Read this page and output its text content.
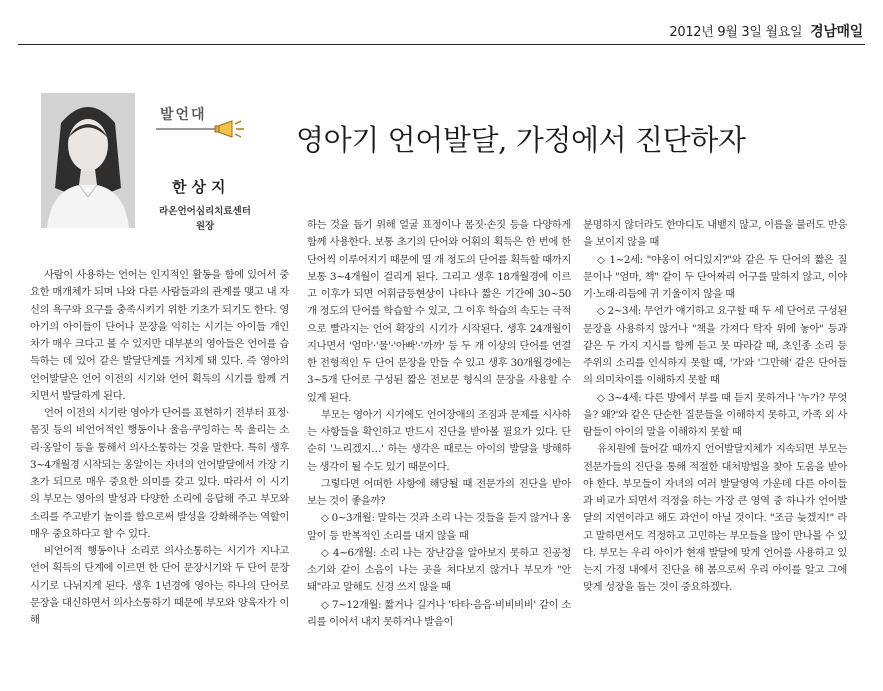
2012년 9월 3일 월요일 경남매일
발언대
한상지
라온언어심리치료센터
원장
영아기 언어발달, 가정에서 진단하자

사람이 사용하는 언어는 인지적인 활동을 함에 있어서 중요한 매개체가 되며 나와 다른 사람들과의 관계를 맺고 내 자신의 욕구와 요구를 충족시키기 위한 기초가 되기도 한다. 영아기의 아이들이 단어나 문장을 익히는 시기는 아이들 개인차가 매우 크다고 볼 수 있지만 대부분의 영아들은 언어를 습득하는 데 있어 같은 발달단계를 거치게 돼 있다. 즉 영아의 언어발달은 언어 이전의 시기와 언어 획득의 시기를 함께 거치면서 발달하게 된다.

언어 이전의 시기란 영아가 단어를 표현하기 전부터 표정·몸짓 등의 비언어적인 행동이나 울음·쿠잉하는 목 울리는 소리·옹알이 등을 통해서 의사소통하는 것을 말한다. 특히 생후 3~4개월경 시작되는 옹알이는 자녀의 언어발달에서 가장 기초가 되므로 매우 중요한 의미를 갖고 있다. 따라서 이 시기의 부모는 영아의 발성과 다양한 소리에 응답해 주고 부모와 소리를 주고받기 놀이를 함으로써 발성을 강화해주는 역할이 매우 중요하다고 할 수 있다.

비언어적 행동이나 소리로 의사소통하는 시기가 지나고 언어 획득의 단계에 이르면 한 단어 문장시기와 두 단어 문장시기로 나뉘지게 된다. 생후 1년경에 영아는 하나의 단어로 문장을 대신하면서 의사소통하기 때문에 부모와 양육자가 이해

하는 것을 돕기 위해 얼굴 표정이나 몸짓·손짓 등을 다양하게 함께 사용한다. 보통 초기의 단어와 어휘의 획득은 한 번에 한 단어씩 이루어지기 때문에 열 개 정도의 단어를 획득할 때까지 보통 3~4개월이 걸리게 된다. 그리고 생후 18개월경에 이르고 이후가 되면 어휘급등현상이 나타나 짧은 기간에 30~50개 정도의 단어를 학습할 수 있고, 그 이후 학습의 속도는 극적으로 빨라지는 언어 확장의 시기가 시작된다. 생후 24개월이 지나면서 '엄마'·'물'·'아빠'·'까까' 등 두 개 이상의 단어를 연결한 전형적인 두 단어 문장을 만들 수 있고 생후 30개월경에는 3~5개 단어로 구성된 짧은 전보문 형식의 문장을 사용할 수 있게 된다.

부모는 영아기 시기에도 언어장애의 조짐과 문제를 시사하는 사항들을 확인하고 반드시 진단을 받아볼 필요가 있다. 단순히 '느리겠지…' 하는 생각은 때로는 아이의 발달을 방해하는 생각이 될 수도 있기 때문이다.

그렇다면 어떠한 사항에 해당될 때 전문가의 진단을 받아보는 것이 좋을까?

◇ 0~3개월: 말하는 것과 소리 나는 것들을 듣지 않거나 옹알이 등 반복적인 소리를 내지 않을 때

◇ 4~6개월: 소리 나는 장난감을 알아보지 못하고 진공청소기와 같이 소음이 나는 곳을 쳐다보지 않거나 부모가 "안돼"라고 말해도 신경 쓰지 않을 때

◇ 7~12개월: 짧거나 길거나 '타타·음음·비비비비' 같이 소리를 이어서 내지 못하거나 발음이

분명하지 않더라도 한마디도 내뱉지 않고, 이름을 불러도 반응을 보이지 않을 때

◇ 1~2세: "야옹이 어디있지?"와 같은 두 단어의 짧은 질문이나 "엄마, 책" 같이 두 단어짜리 어구를 말하지 않고, 이야기·노래·리듬에 귀 기울이지 않을 때

◇ 2~3세: 무언가 얘기하고 요구할 때 두 세 단어로 구성된 문장을 사용하지 않거나 "책을 가져다 탁자 위에 놓아" 등과 같은 두 가지 지시를 함께 듣고 못 따라갈 때, 초인종 소리 등 주위의 소리를 인식하지 못할 때, '가'와 '그만해' 같은 단어들의 의미차이를 이해하지 못할 때

◇ 3~4세: 다른 방에서 부를 때 듣지 못하거나 '누가? 무엇을? 왜?'와 같은 단순한 질문들을 이해하지 못하고, 가족 외 사람들이 아이의 말을 이해하지 못할 때

유치원에 들어갈 때까지 언어발달지체가 지속되면 부모는 전문가들의 진단을 통해 적절한 대처방법을 찾아 도움을 받아야 한다. 부모들이 자녀의 여러 발달영역 가운데 다른 아이들과 비교가 되면서 걱정을 하는 가장 큰 영역 중 하나가 언어발달의 지연이라고 해도 과언이 아닐 것이다. "조금 늦겠지!" 라고 말하면서도 걱정하고 고민하는 부모들을 많이 만나볼 수 있다. 부모는 우리 아이가 현재 발달에 맞게 언어를 사용하고 있는지 가정 내에서 진단을 해 봄으로써 우리 아이를 알고 그에 맞게 성장을 돕는 것이 중요하겠다.
